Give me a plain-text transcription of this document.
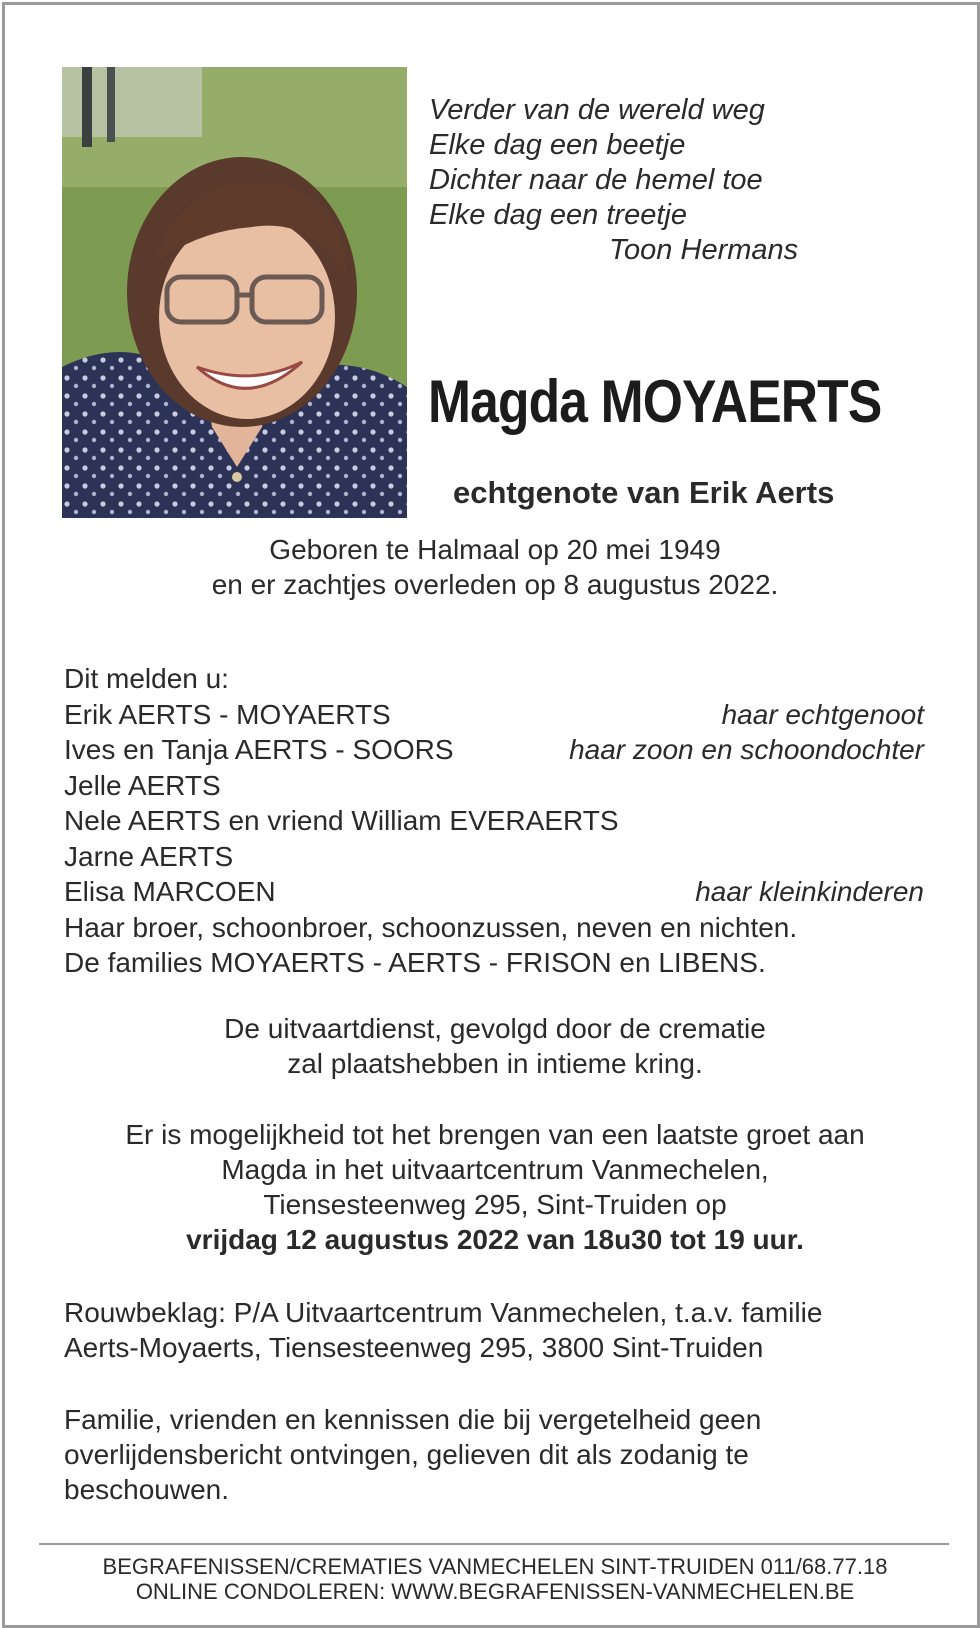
Verder van de wereld weg
Elke dag een beetje
Dichter naar de hemel toe
Elke dag een treetje
Toon Hermans
Magda MOYAERTS
echtgenote van Erik Aerts
Geboren te Halmaal op 20 mei 1949
en er zachtjes overleden op 8 augustus 2022.
Dit melden u:
Erik AERTS - MOYAERTS	haar echtgenoot
Ives en Tanja AERTS - SOORS	haar zoon en schoondochter
Jelle AERTS
Nele AERTS en vriend William EVERAERTS
Jarne AERTS
Elisa MARCOEN	haar kleinkinderen
Haar broer, schoonbroer, schoonzussen, neven en nichten.
De families MOYAERTS - AERTS - FRISON en LIBENS.
De uitvaartdienst, gevolgd door de crematie
zal plaatshebben in intieme kring.
Er is mogelijkheid tot het brengen van een laatste groet aan
Magda in het uitvaartcentrum Vanmechelen,
Tiensesteenweg 295, Sint-Truiden op
vrijdag 12 augustus 2022 van 18u30 tot 19 uur.
Rouwbeklag: P/A Uitvaartcentrum Vanmechelen, t.a.v. familie
Aerts-Moyaerts, Tiensesteenweg 295, 3800 Sint-Truiden
Familie, vrienden en kennissen die bij vergetelheid geen
overlijdensbericht ontvingen, gelieven dit als zodanig te
beschouwen.
BEGRAFENISSEN/CREMATIES VANMECHELEN SINT-TRUIDEN 011/68.77.18
ONLINE CONDOLEREN: WWW.BEGRAFENISSEN-VANMECHELEN.BE
